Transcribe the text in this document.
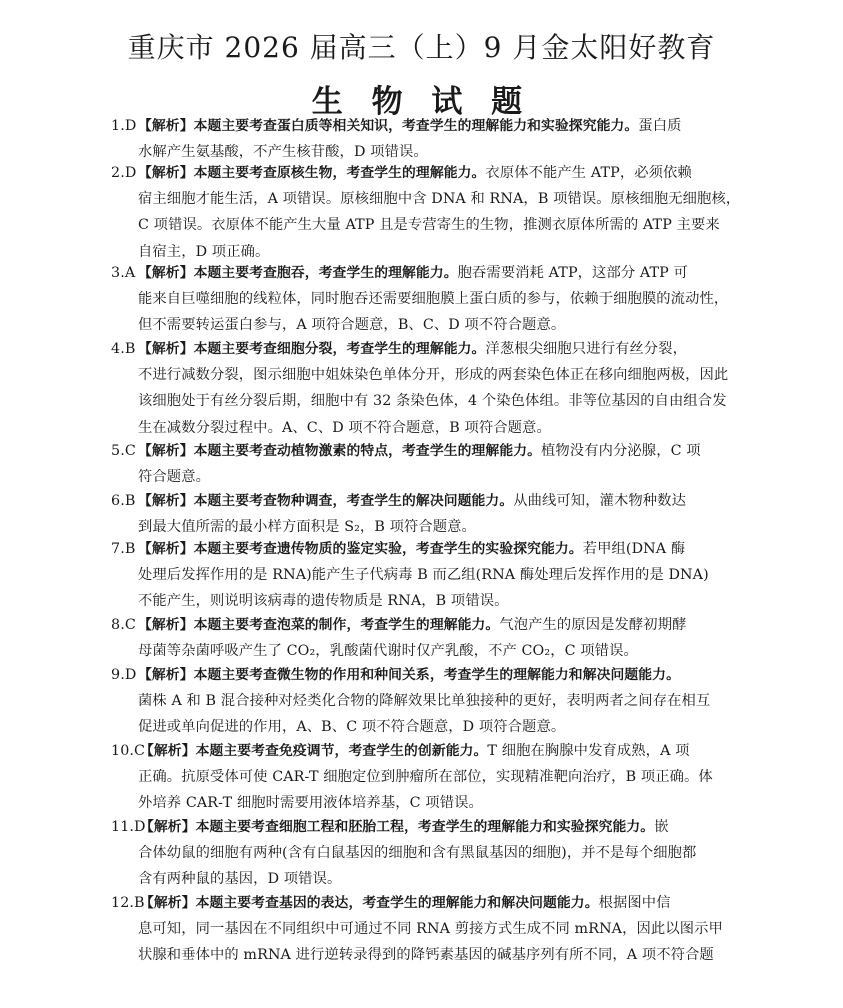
重庆市 2026 届高三（上）9 月金太阳好教育
生 物 试 题
1.D 【解析】本题主要考查蛋白质等相关知识，考查学生的理解能力和实验探究能力。蛋白质
水解产生氨基酸，不产生核苷酸，D 项错误。
2.D 【解析】本题主要考查原核生物，考查学生的理解能力。衣原体不能产生 ATP，必须依赖
宿主细胞才能生活，A 项错误。原核细胞中含 DNA 和 RNA，B 项错误。原核细胞无细胞核，
C 项错误。衣原体不能产生大量 ATP 且是专营寄生的生物，推测衣原体所需的 ATP 主要来
自宿主，D 项正确。
3.A 【解析】本题主要考查胞吞，考查学生的理解能力。胞吞需要消耗 ATP，这部分 ATP 可
能来自巨噬细胞的线粒体，同时胞吞还需要细胞膜上蛋白质的参与，依赖于细胞膜的流动性，
但不需要转运蛋白参与，A 项符合题意，B、C、D 项不符合题意。
4.B 【解析】本题主要考查细胞分裂，考查学生的理解能力。洋葱根尖细胞只进行有丝分裂，
不进行减数分裂，图示细胞中姐妹染色单体分开，形成的两套染色体正在移向细胞两极，因此
该细胞处于有丝分裂后期，细胞中有 32 条染色体，4 个染色体组。非等位基因的自由组合发
生在减数分裂过程中。A、C、D 项不符合题意，B 项符合题意。
5.C 【解析】本题主要考查动植物激素的特点，考查学生的理解能力。植物没有内分泌腺，C 项
符合题意。
6.B 【解析】本题主要考查物种调查，考查学生的解决问题能力。从曲线可知，灌木物种数达
到最大值所需的最小样方面积是 S₂，B 项符合题意。
7.B 【解析】本题主要考查遗传物质的鉴定实验，考查学生的实验探究能力。若甲组(DNA 酶
处理后发挥作用的是 RNA)能产生子代病毒 B 而乙组(RNA 酶处理后发挥作用的是 DNA)
不能产生，则说明该病毒的遗传物质是 RNA，B 项错误。
8.C 【解析】本题主要考查泡菜的制作，考查学生的理解能力。气泡产生的原因是发酵初期酵
母菌等杂菌呼吸产生了 CO₂，乳酸菌代谢时仅产乳酸，不产 CO₂，C 项错误。
9.D 【解析】本题主要考查微生物的作用和种间关系，考查学生的理解能力和解决问题能力。
菌株 A 和 B 混合接种对烃类化合物的降解效果比单独接种的更好，表明两者之间存在相互
促进或单向促进的作用，A、B、C 项不符合题意，D 项符合题意。
10.C
【解析】本题主要考查免疫调节，考查学生的创新能力。T 细胞在胸腺中发育成熟，A 项
正确。抗原受体可使 CAR-T 细胞定位到肿瘤所在部位，实现精准靶向治疗，B 项正确。体
外培养 CAR-T 细胞时需要用液体培养基，C 项错误。
11.D
【解析】本题主要考查细胞工程和胚胎工程，考查学生的理解能力和实验探究能力。嵌
合体幼鼠的细胞有两种(含有白鼠基因的细胞和含有黑鼠基因的细胞)，并不是每个细胞都
含有两种鼠的基因，D 项错误。
12.B
【解析】本题主要考查基因的表达，考查学生的理解能力和解决问题能力。根据图中信
息可知，同一基因在不同组织中可通过不同 RNA 剪接方式生成不同 mRNA，因此以图示甲
状腺和垂体中的 mRNA 进行逆转录得到的降钙素基因的碱基序列有所不同，A 项不符合题
